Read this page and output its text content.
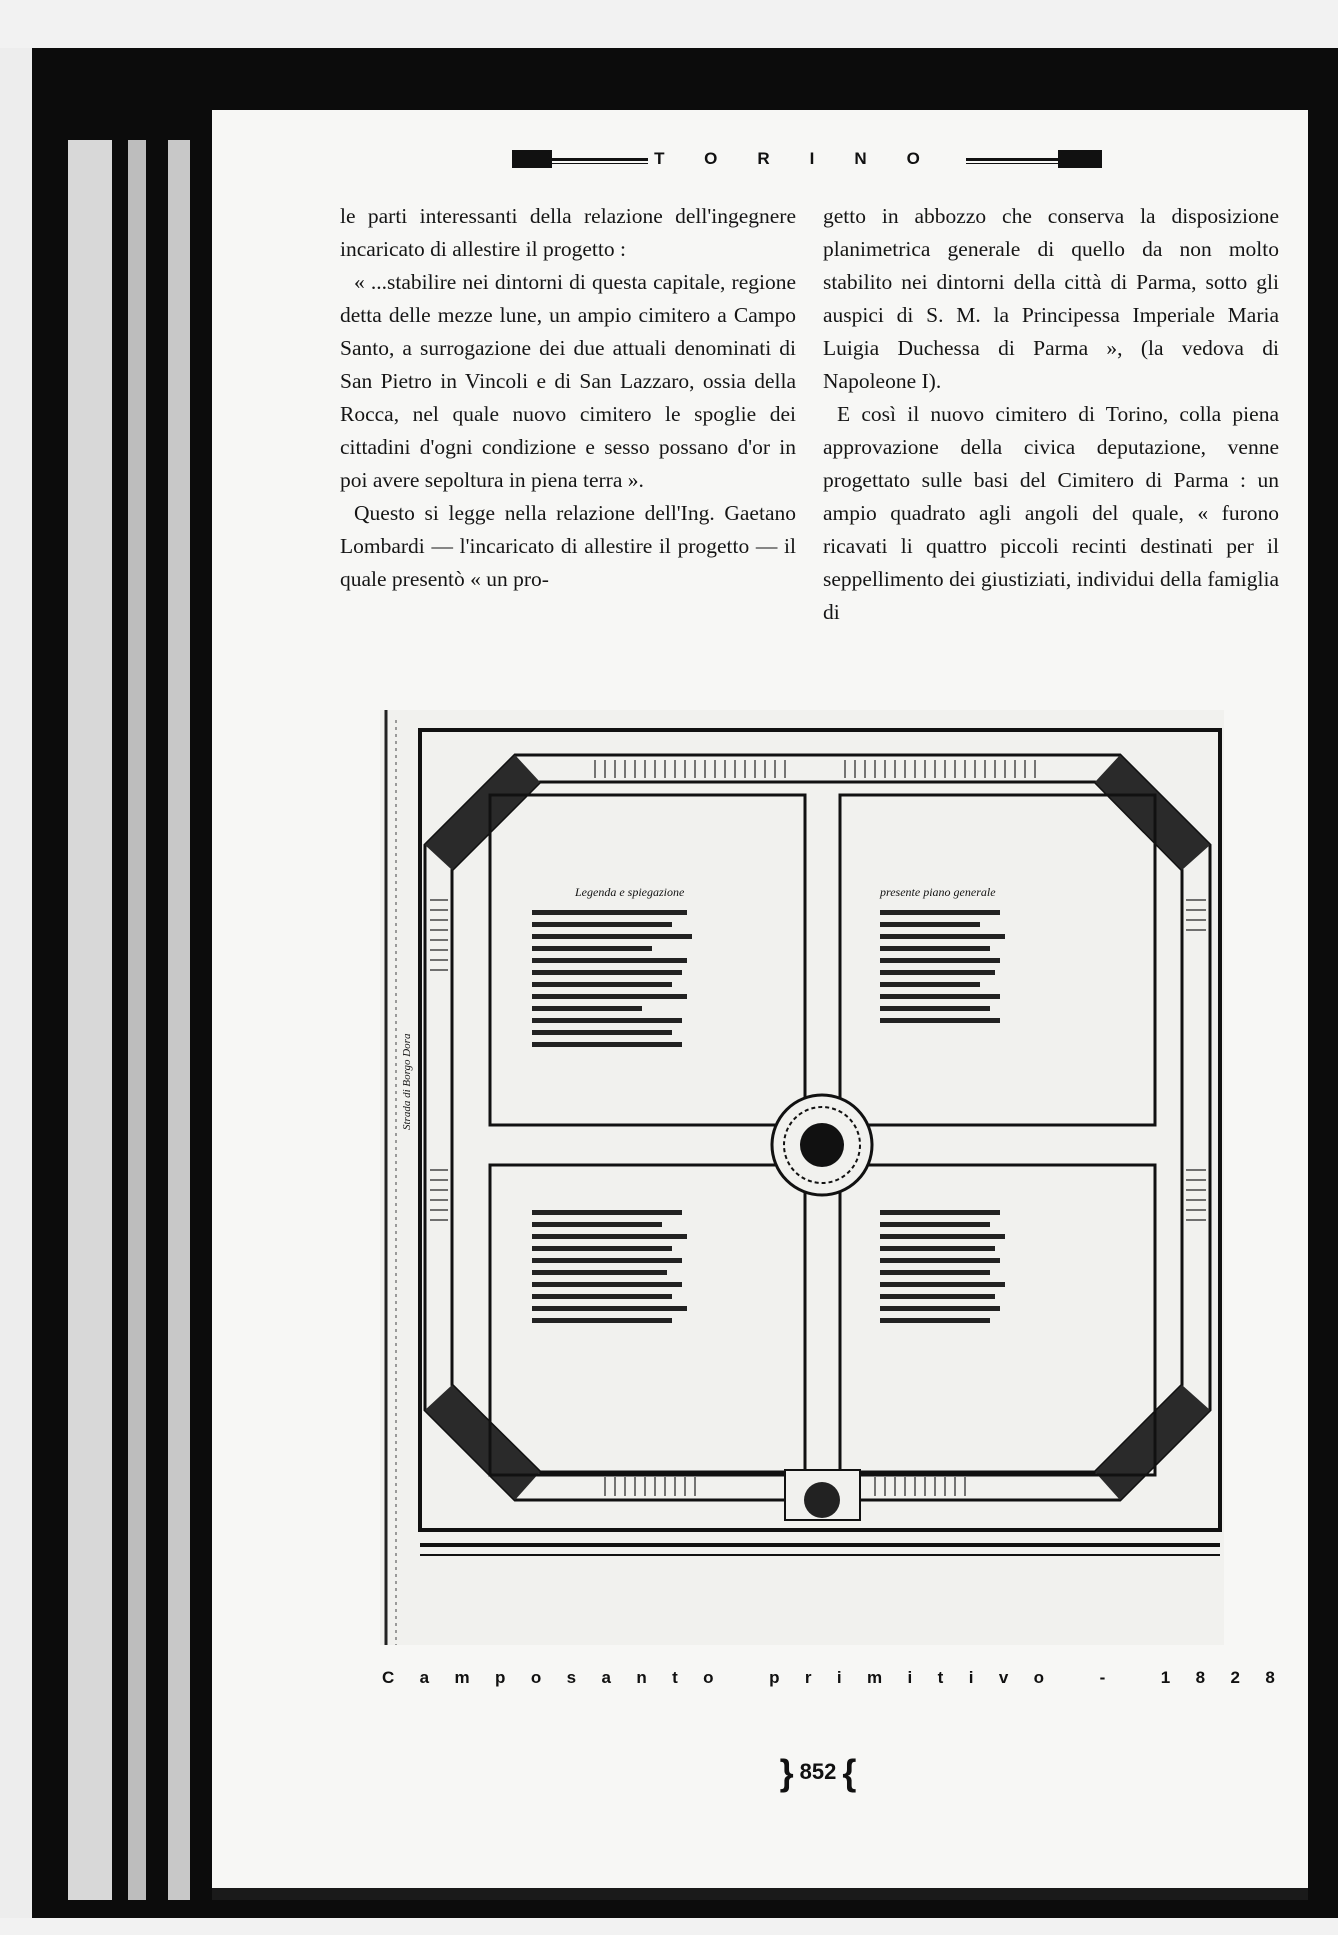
TORINO

le parti interessanti della relazione dell'ingegnere incaricato di allestire il progetto :

« ...stabilire nei dintorni di questa capitale, regione detta delle mezze lune, un ampio cimitero a Campo Santo, a surrogazione dei due attuali denominati di San Pietro in Vincoli e di San Lazzaro, ossia della Rocca, nel quale nuovo cimitero le spoglie dei cittadini d'ogni condizione e sesso possano d'or in poi avere sepoltura in piena terra ».

Questo si legge nella relazione dell'Ing. Gaetano Lombardi — l'incaricato di allestire il progetto — il quale presentò « un pro-

getto in abbozzo che conserva la disposizione planimetrica generale di quello da non molto stabilito nei dintorni della città di Parma, sotto gli auspici di S. M. la Principessa Imperiale Maria Luigia Duchessa di Parma », (la vedova di Napoleone I).

E così il nuovo cimitero di Torino, colla piena approvazione della civica deputazione, venne progettato sulle basi del Cimitero di Parma : un ampio quadrato agli angoli del quale, « furono ricavati li quattro piccoli recinti destinati per il seppellimento dei giustiziati, individui della famiglia di

Legenda e spiegazione	presente piano generale
Strada di Borgo Dora
Camposanto primitivo - 1828
} 852 {
